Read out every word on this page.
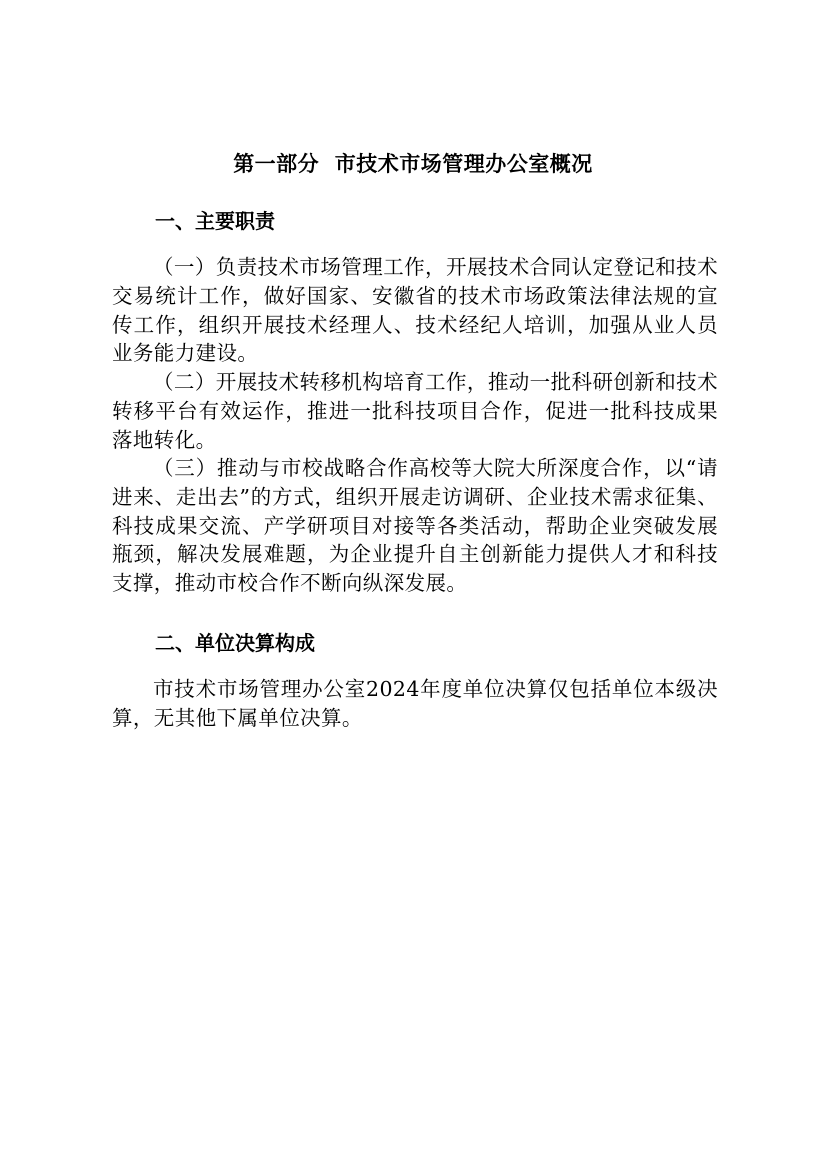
第一部分  市技术市场管理办公室概况
一、主要职责

（一）负责技术市场管理工作，开展技术合同认定登记和技术交易统计工作，做好国家、安徽省的技术市场政策法律法规的宣传工作，组织开展技术经理人、技术经纪人培训，加强从业人员业务能力建设。

（二）开展技术转移机构培育工作，推动一批科研创新和技术转移平台有效运作，推进一批科技项目合作，促进一批科技成果落地转化。

（三）推动与市校战略合作高校等大院大所深度合作，以“请进来、走出去”的方式，组织开展走访调研、企业技术需求征集、科技成果交流、产学研项目对接等各类活动，帮助企业突破发展瓶颈，解决发展难题，为企业提升自主创新能力提供人才和科技支撑，推动市校合作不断向纵深发展。

二、单位决算构成

市技术市场管理办公室2024年度单位决算仅包括单位本级决算，无其他下属单位决算。
